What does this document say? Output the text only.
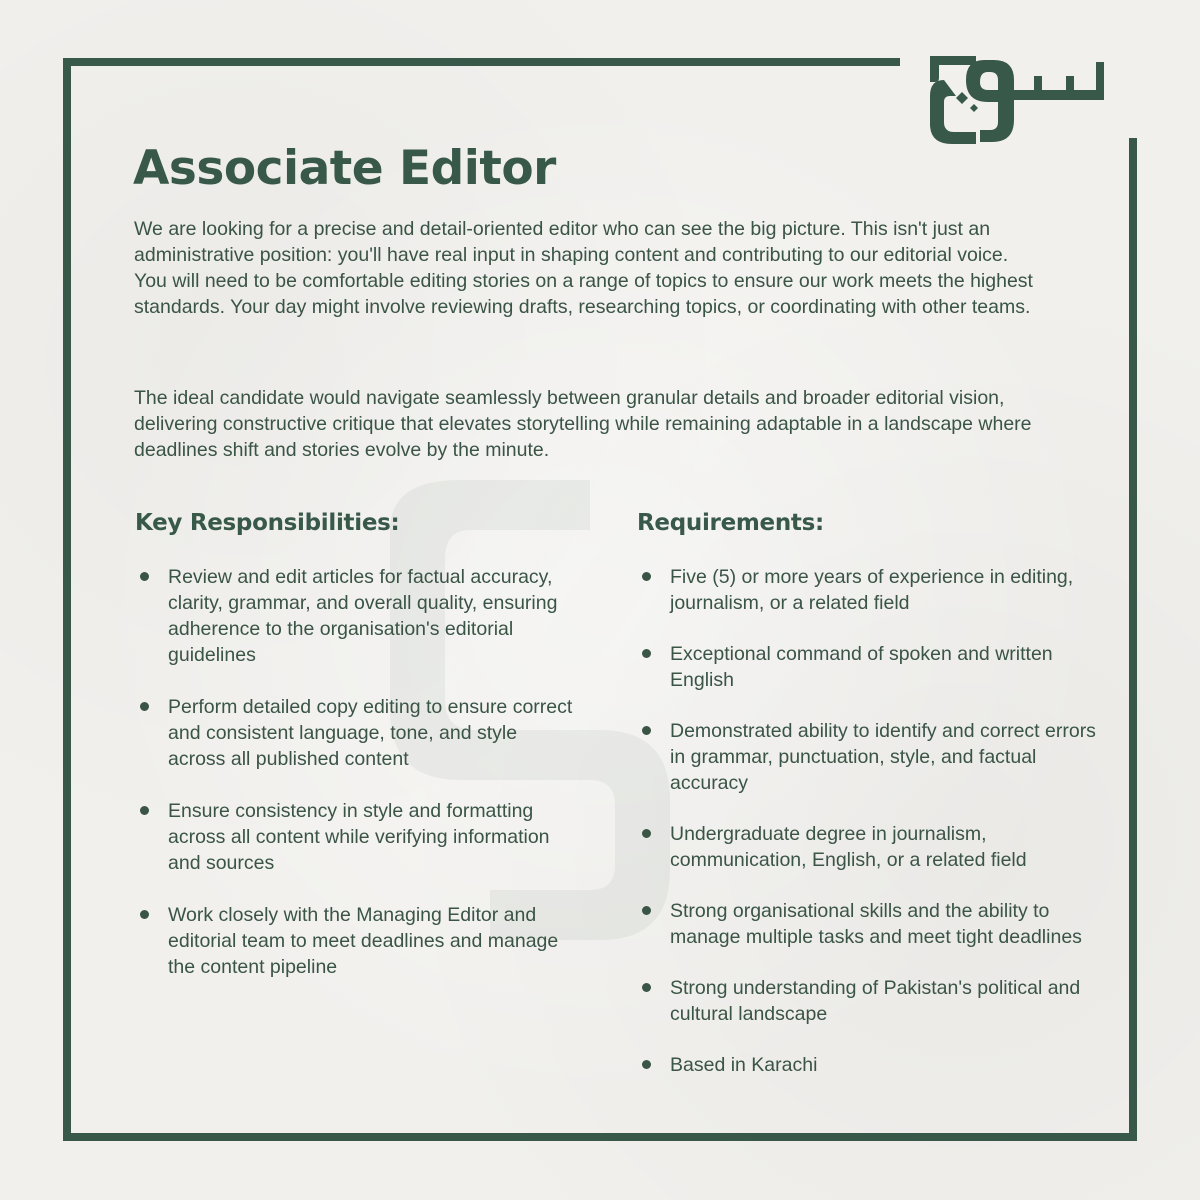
Associate Editor

We are looking for a precise and detail-oriented editor who can see the big picture. This isn't just an administrative position: you'll have real input in shaping content and contributing to our editorial voice. You will need to be comfortable editing stories on a range of topics to ensure our work meets the highest standards. Your day might involve reviewing drafts, researching topics, or coordinating with other teams.

The ideal candidate would navigate seamlessly between granular details and broader editorial vision, delivering constructive critique that elevates storytelling while remaining adaptable in a landscape where deadlines shift and stories evolve by the minute.

Key Responsibilities:
Review and edit articles for factual accuracy, clarity, grammar, and overall quality, ensuring adherence to the organisation's editorial guidelines
Perform detailed copy editing to ensure correct and consistent language, tone, and style across all published content
Ensure consistency in style and formatting across all content while verifying information and sources
Work closely with the Managing Editor and editorial team to meet deadlines and manage the content pipeline
Requirements:
Five (5) or more years of experience in editing, journalism, or a related field
Exceptional command of spoken and written English
Demonstrated ability to identify and correct errors in grammar, punctuation, style, and factual accuracy
Undergraduate degree in journalism, communication, English, or a related field
Strong organisational skills and the ability to manage multiple tasks and meet tight deadlines
Strong understanding of Pakistan's political and cultural landscape
Based in Karachi
